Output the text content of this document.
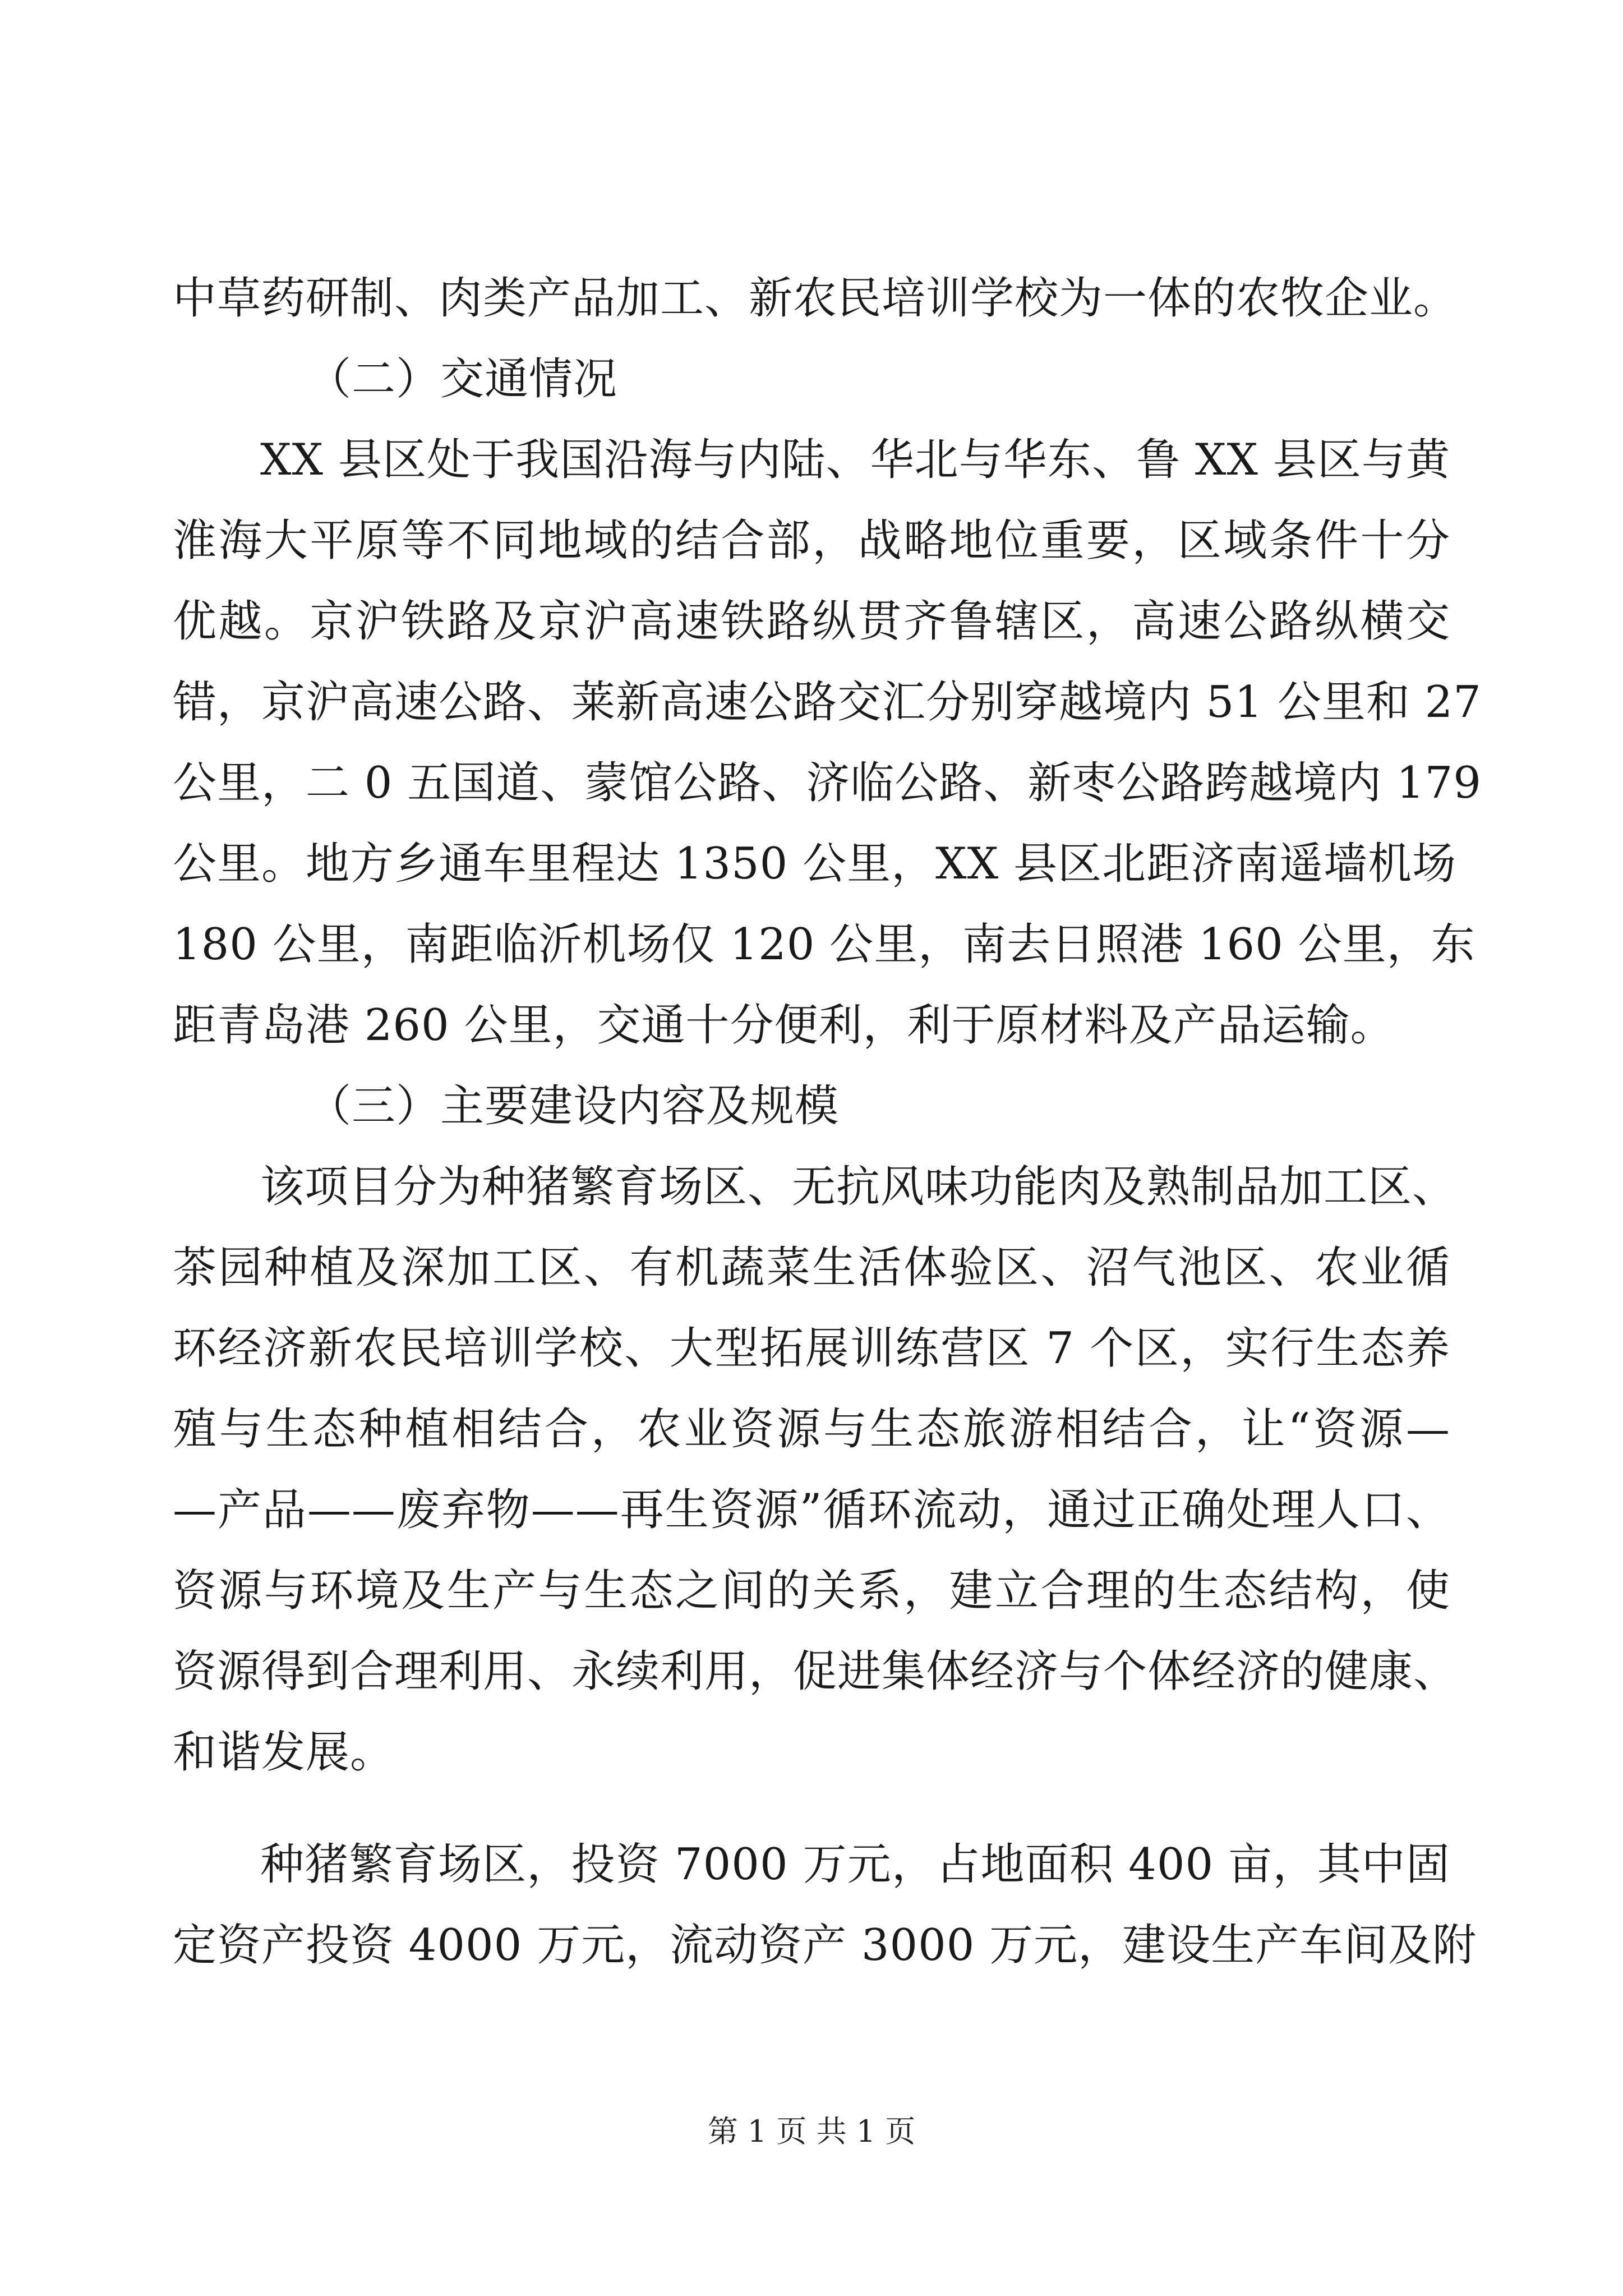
中草药研制、肉类产品加工、新农民培训学校为一体的农牧企业。
（二）交通情况
XX 县区处于我国沿海与内陆、华北与华东、鲁 XX 县区与黄
淮海大平原等不同地域的结合部，战略地位重要，区域条件十分
优越。京沪铁路及京沪高速铁路纵贯齐鲁辖区，高速公路纵横交
错，京沪高速公路、莱新高速公路交汇分别穿越境内 51 公里和 27
公里，二 0 五国道、蒙馆公路、济临公路、新枣公路跨越境内 179
公里。地方乡通车里程达 1350 公里，XX 县区北距济南遥墙机场
180 公里，南距临沂机场仅 120 公里，南去日照港 160 公里，东
距青岛港 260 公里，交通十分便利，利于原材料及产品运输。
（三）主要建设内容及规模
该项目分为种猪繁育场区、无抗风味功能肉及熟制品加工区、
茶园种植及深加工区、有机蔬菜生活体验区、沼气池区、农业循
环经济新农民培训学校、大型拓展训练营区 7 个区，实行生态养
殖与生态种植相结合，农业资源与生态旅游相结合，让“资源—
—产品——废弃物——再生资源”循环流动，通过正确处理人口、
资源与环境及生产与生态之间的关系，建立合理的生态结构，使
资源得到合理利用、永续利用，促进集体经济与个体经济的健康、
和谐发展。
种猪繁育场区，投资 7000 万元，占地面积 400 亩，其中固
定资产投资 4000 万元，流动资产 3000 万元，建设生产车间及附
第 1 页 共 1 页
